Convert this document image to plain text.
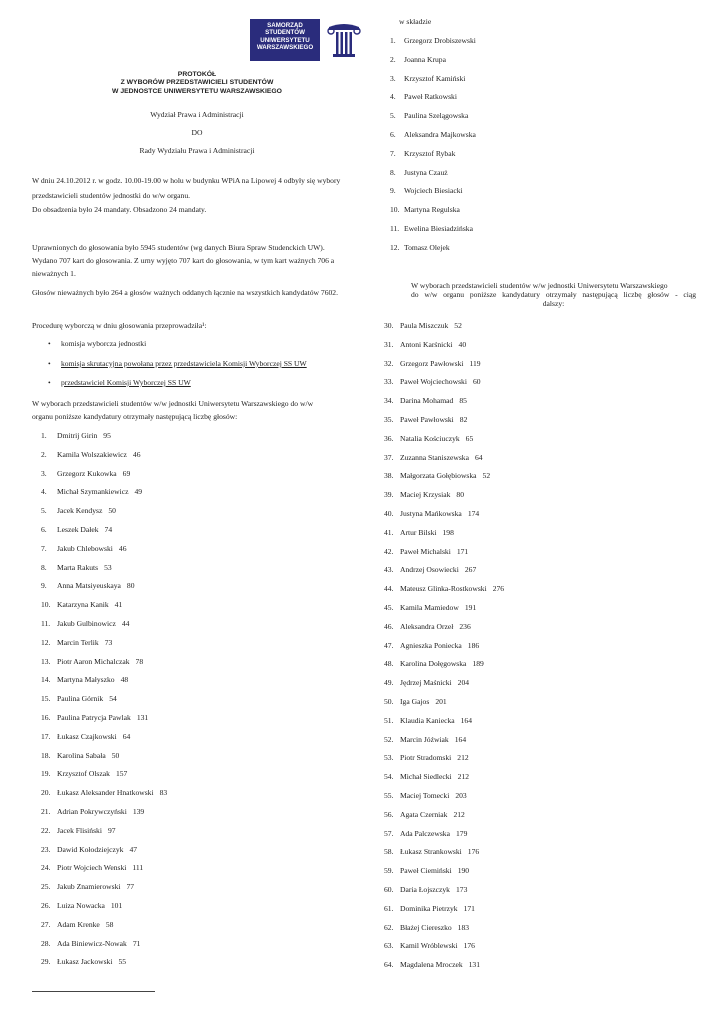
SAMORZĄD
STUDENTÓW
UNIWERSYTETU
WARSZAWSKIEGO
PROTOKÓŁ
Z WYBORÓW PRZEDSTAWICIELI STUDENTÓW
W JEDNOSTCE UNIWERSYTETU WARSZAWSKIEGO
Wydział Prawa i Administracji
DO
Rady Wydziału Prawa i Administracji
W dniu 24.10.2012 r. w godz. 10.00-19.00 w holu w budynku WPiA na Lipowej 4 odbyły się wybory
przedstawicieli studentów jednostki do w/w organu.
Do obsadzenia było 24 mandaty. Obsadzono 24 mandaty.
Uprawnionych do głosowania było 5945 studentów (wg danych Biura Spraw Studenckich UW).
Wydano 707 kart do głosowania. Z urny wyjęto 707 kart do głosowania, w tym kart ważnych 706 a
nieważnych 1.
Głosów nieważnych było 264 a głosów ważnych oddanych łącznie na wszystkich kandydatów 7602.
Procedurę wyborczą w dniu głosowania przeprowadziła¹:
• komisja wyborcza jednostki
• komisja skrutacyjna powołana przez przedstawiciela Komisji Wyborczej SS UW
• przedstawiciel Komisji Wyborczej SS UW
W wyborach przedstawicieli studentów w/w jednostki Uniwersytetu Warszawskiego do w/w
organu poniższe kandydatury otrzymały następującą liczbę głosów:
1. Dmitrij Girin 95
2. Kamila Wolszakiewicz 46
3. Grzegorz Kukowka 69
4. Michał Szymankiewicz 49
5. Jacek Kendysz 50
6. Leszek Dałek 74
7. Jakub Chlebowski 46
8. Marta Rakuts 53
9. Anna Matsiyeuskaya 80
10. Katarzyna Kanik 41
11. Jakub Gulbinowicz 44
12. Marcin Terlik 73
13. Piotr Aaron Michalczak 78
14. Martyna Małyszko 48
15. Paulina Górnik 54
16. Paulina Patrycja Pawlak 131
17. Łukasz Czajkowski 64
18. Karolina Sabała 50
19. Krzysztof Olszak 157
20. Łukasz Aleksander Hnatkowski 83
21. Adrian Pokrywczyński 139
22. Jacek Flisiński 97
23. Dawid Kołodziejczyk 47
24. Piotr Wojciech Wenski 111
25. Jakub Znamierowski 77
26. Luiza Nowacka 101
27. Adam Krenke 58
28. Ada Biniewicz-Nowak 71
29. Łukasz Jackowski 55
w składzie
1. Grzegorz Drobiszewski
2. Joanna Krupa
3. Krzysztof Kamiński
4. Paweł Ratkowski
5. Paulina Szelągowska
6. Aleksandra Majkowska
7. Krzysztof Rybak
8. Justyna Czauż
9. Wojciech Biesiacki
10. Martyna Regulska
11. Ewelina Biesiadzińska
12. Tomasz Olejek
W wyborach przedstawicieli studentów w/w jednostki Uniwersytetu Warszawskiego
do w/w organu poniższe kandydatury otrzymały następującą liczbę głosów - ciąg
dalszy:
30. Paula Miszczuk 52
31. Antoni Karśnicki 40
32. Grzegorz Pawłowski 119
33. Paweł Wojciechowski 60
34. Darina Mohamad 85
35. Paweł Pawłowski 82
36. Natalia Kościuczyk 65
37. Zuzanna Staniszewska 64
38. Małgorzata Gołębiowska 52
39. Maciej Krzysiak 80
40. Justyna Mańkowska 174
41. Artur Bilski 198
42. Paweł Michalski 171
43. Andrzej Osowiecki 267
44. Mateusz Glinka-Rostkowski 276
45. Kamila Mamiedow 191
46. Aleksandra Orzeł 236
47. Agnieszka Poniecka 186
48. Karolina Dołęgowska 189
49. Jędrzej Maśnicki 204
50. Iga Gajos 201
51. Klaudia Kaniecka 164
52. Marcin Jóźwiak 164
53. Piotr Stradomski 212
54. Michał Siedlecki 212
55. Maciej Tomecki 203
56. Agata Czerniak 212
57. Ada Palczewska 179
58. Łukasz Strankowski 176
59. Paweł Ciemiński 190
60. Daria Łojszczyk 173
61. Dominika Pietrzyk 171
62. Błażej Ciereszko 183
63. Kamil Wróblewski 176
64. Magdalena Mroczek 131
